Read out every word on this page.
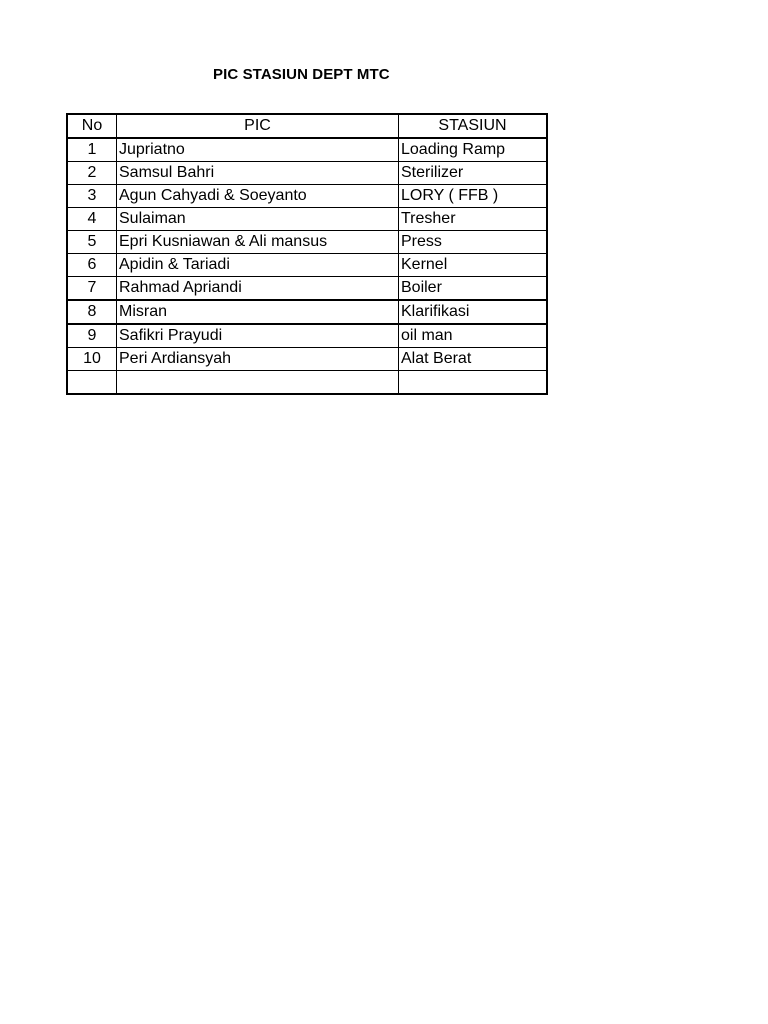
PIC STASIUN DEPT MTC
No	PIC	STASIUN
1	Jupriatno	Loading Ramp
2	Samsul Bahri	Sterilizer
3	Agun Cahyadi & Soeyanto	LORY ( FFB )
4	Sulaiman	Tresher
5	Epri Kusniawan & Ali mansus	Press
6	Apidin & Tariadi	Kernel
7	Rahmad Apriandi	Boiler
8	Misran	Klarifikasi
9	Safikri Prayudi	oil man
10	Peri Ardiansyah	Alat Berat
